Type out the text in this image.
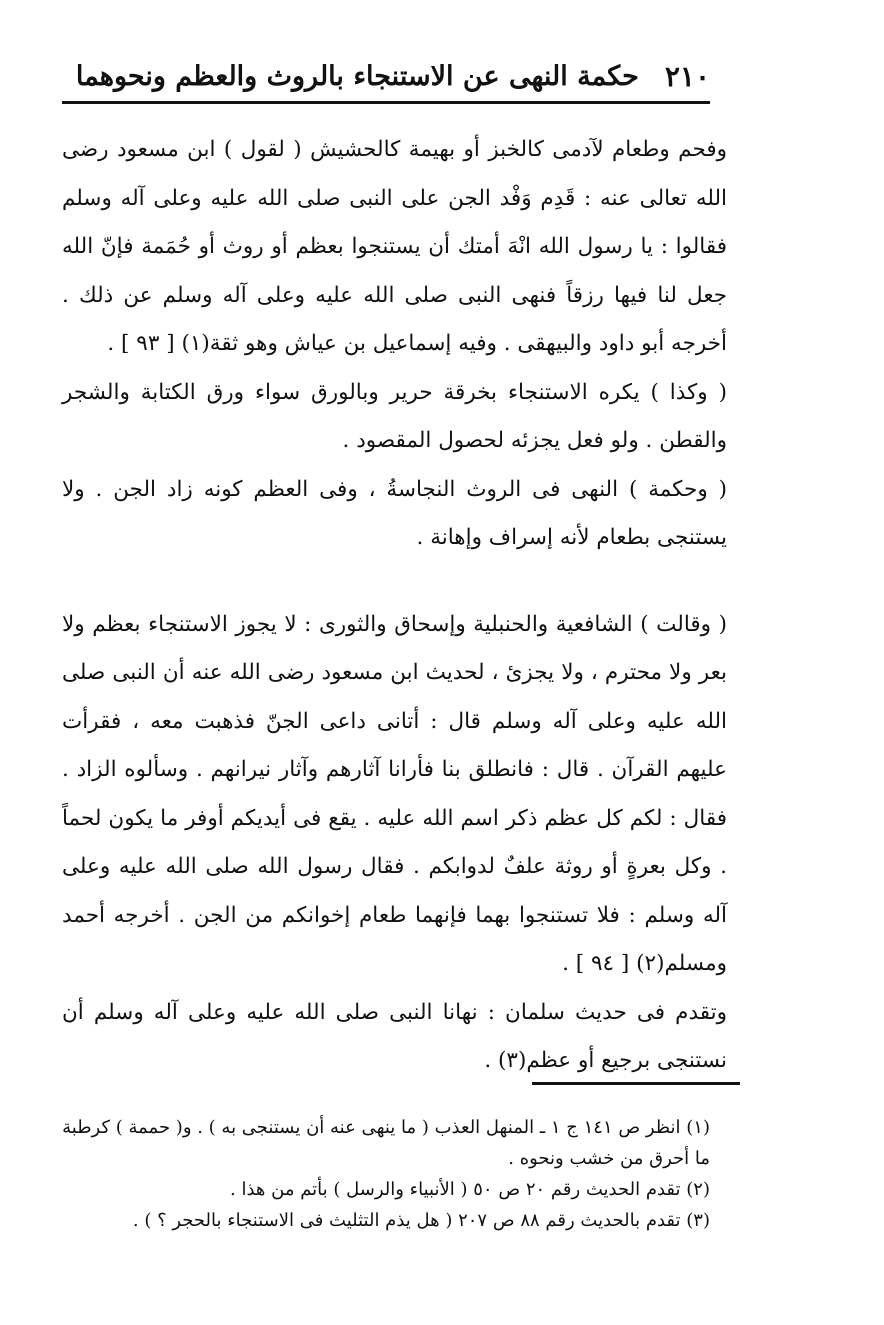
٢١٠
حكمة النهى عن الاستنجاء بالروث والعظم ونحوهما

وفحم وطعام لآدمى كالخبز أو بهيمة كالحشيش ( لقول ) ابن مسعود رضى الله تعالى عنه : قَدِم وَفْد الجن على النبى صلى الله عليه وعلى آله وسلم فقالوا : يا رسول الله انْهَ أمتك أن يستنجوا بعظم أو روث أو حُمَمة فإنّ الله جعل لنا فيها رزقاً فنهى النبى صلى الله عليه وعلى آله وسلم عن ذلك . أخرجه أبو داود والبيهقى . وفيه إسماعيل بن عياش وهو ثقة(١) [ ٩٣ ] .

( وكذا ) يكره الاستنجاء بخرقة حرير وبالورق سواء ورق الكتابة والشجر والقطن . ولو فعل يجزئه لحصول المقصود .

( وحكمة ) النهى فى الروث النجاسةُ ، وفى العظم كونه زاد الجن . ولا يستنجى بطعام لأنه إسراف وإهانة .

( وقالت ) الشافعية والحنبلية وإسحاق والثورى : لا يجوز الاستنجاء بعظم ولا بعر ولا محترم ، ولا يجزئ ، لحديث ابن مسعود رضى الله عنه أن النبى صلى الله عليه وعلى آله وسلم قال : أتانى داعى الجنّ فذهبت معه ، فقرأت عليهم القرآن . قال : فانطلق بنا فأرانا آثارهم وآثار نيرانهم . وسألوه الزاد . فقال : لكم كل عظم ذكر اسم الله عليه . يقع فى أيديكم أوفر ما يكون لحماً . وكل بعرةٍ أو روثة علفٌ لدوابكم . فقال رسول الله صلى الله عليه وعلى آله وسلم : فلا تستنجوا بهما فإنهما طعام إخوانكم من الجن . أخرجه أحمد ومسلم(٢) [ ٩٤ ] .

وتقدم فى حديث سلمان : نهانا النبى صلى الله عليه وعلى آله وسلم أن نستنجى برجيع أو عظم(٣) .

(١) انظر ص ١٤١ ج ١ ـ المنهل العذب ( ما ينهى عنه أن يستنجى به ) . و( حممة ) كرطبة ما أحرق من خشب ونحوه .

(٢) تقدم الحديث رقم ٢٠ ص ٥٠ ( الأنبياء والرسل ) بأتم من هذا .

(٣) تقدم بالحديث رقم ٨٨ ص ٢٠٧ ( هل يذم التثليث فى الاستنجاء بالحجر ؟ ) .
